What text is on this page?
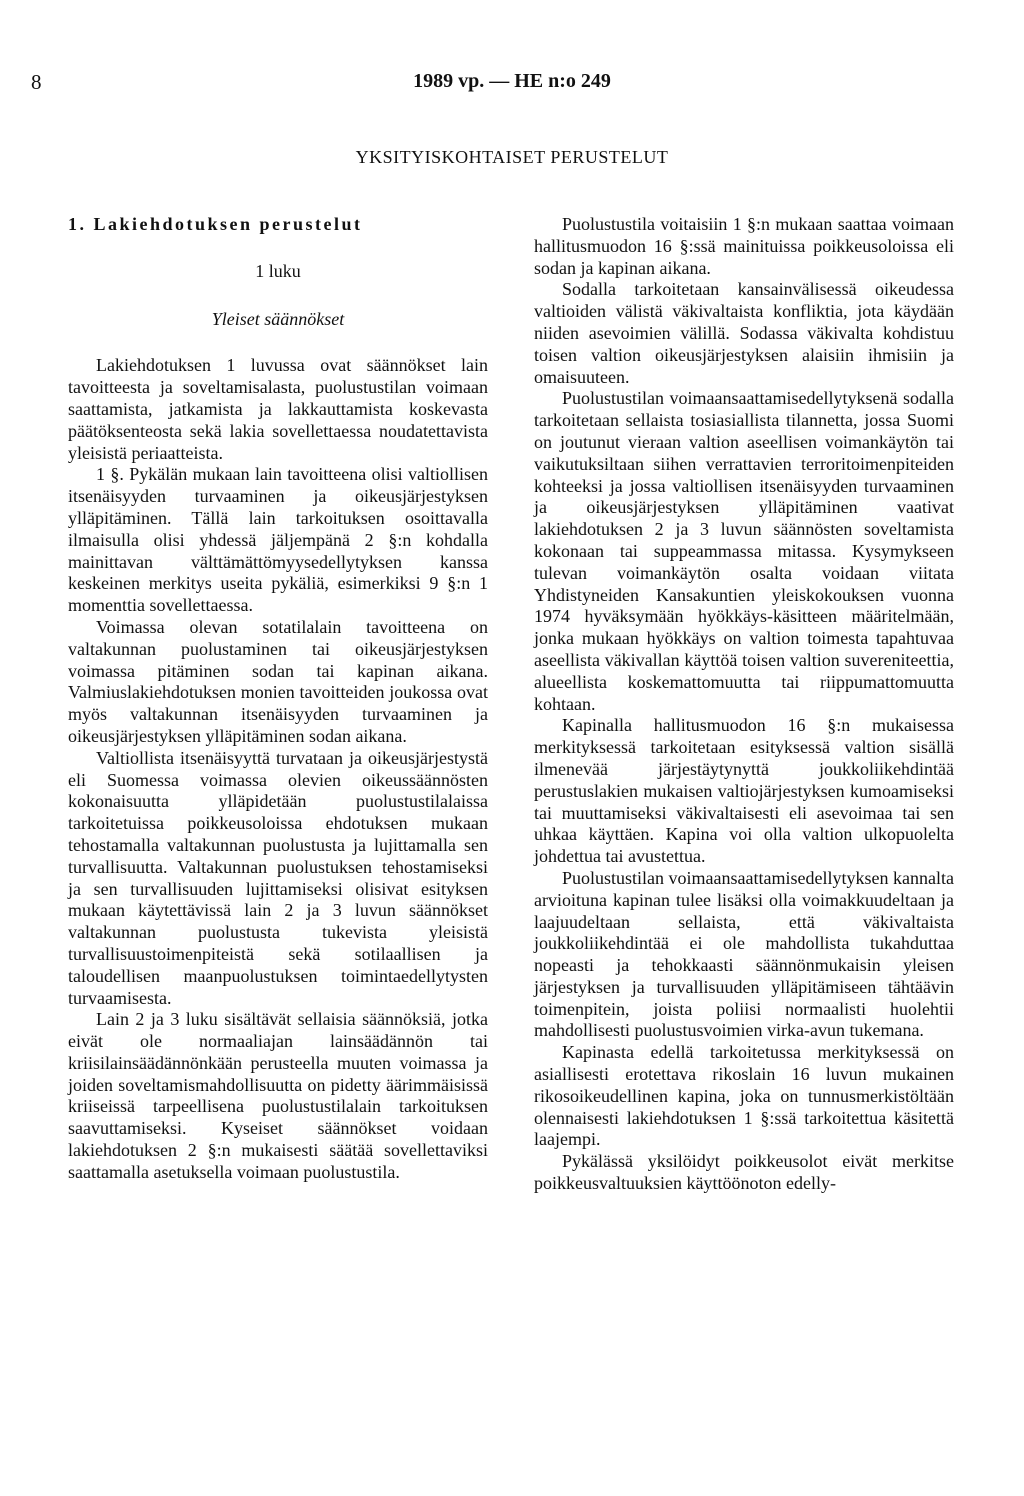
8	1989 vp. — HE n:o 249
YKSITYISKOHTAISET PERUSTELUT
1. Lakiehdotuksen perustelut
1 luku
Yleiset säännökset

Lakiehdotuksen 1 luvussa ovat säännökset lain tavoitteesta ja soveltamisalasta, puolustustilan voimaan saattamista, jatkamista ja lakkauttamista koskevasta päätöksenteosta sekä lakia sovellettaessa noudatettavista yleisistä periaatteista.

1 §. Pykälän mukaan lain tavoitteena olisi valtiollisen itsenäisyyden turvaaminen ja oikeusjärjestyksen ylläpitäminen. Tällä lain tarkoituksen osoittavalla ilmaisulla olisi yhdessä jäljempänä 2 §:n kohdalla mainittavan välttämättömyysedellytyksen kanssa keskeinen merkitys useita pykäliä, esimerkiksi 9 §:n 1 momenttia sovellettaessa.

Voimassa olevan sotatilalain tavoitteena on valtakunnan puolustaminen tai oikeusjärjestyksen voimassa pitäminen sodan tai kapinan aikana. Valmiuslakiehdotuksen monien tavoitteiden joukossa ovat myös valtakunnan itsenäisyyden turvaaminen ja oikeusjärjestyksen ylläpitäminen sodan aikana.

Valtiollista itsenäisyyttä turvataan ja oikeusjärjestystä eli Suomessa voimassa olevien oikeussäännösten kokonaisuutta ylläpidetään puolustustilalaissa tarkoitetuissa poikkeusoloissa ehdotuksen mukaan tehostamalla valtakunnan puolustusta ja lujittamalla sen turvallisuutta. Valtakunnan puolustuksen tehostamiseksi ja sen turvallisuuden lujittamiseksi olisivat esityksen mukaan käytettävissä lain 2 ja 3 luvun säännökset valtakunnan puolustusta tukevista yleisistä turvallisuustoimenpiteistä sekä sotilaallisen ja taloudellisen maanpuolustuksen toimintaedellytysten turvaamisesta.

Lain 2 ja 3 luku sisältävät sellaisia säännöksiä, jotka eivät ole normaaliajan lainsäädännön tai kriisilainsäädännönkään perusteella muuten voimassa ja joiden soveltamismahdollisuutta on pidetty äärimmäisissä kriiseissä tarpeellisena puolustustilalain tarkoituksen saavuttamiseksi. Kyseiset säännökset voidaan lakiehdotuksen 2 §:n mukaisesti säätää sovellettaviksi saattamalla asetuksella voimaan puolustustila.

Puolustustila voitaisiin 1 §:n mukaan saattaa voimaan hallitusmuodon 16 §:ssä mainituissa poikkeusoloissa eli sodan ja kapinan aikana.

Sodalla tarkoitetaan kansainvälisessä oikeudessa valtioiden välistä väkivaltaista konfliktia, jota käydään niiden asevoimien välillä. Sodassa väkivalta kohdistuu toisen valtion oikeusjärjestyksen alaisiin ihmisiin ja omaisuuteen.

Puolustustilan voimaansaattamisedellytyksenä sodalla tarkoitetaan sellaista tosiasiallista tilannetta, jossa Suomi on joutunut vieraan valtion aseellisen voimankäytön tai vaikutuksiltaan siihen verrattavien terroritoimenpiteiden kohteeksi ja jossa valtiollisen itsenäisyyden turvaaminen ja oikeusjärjestyksen ylläpitäminen vaativat lakiehdotuksen 2 ja 3 luvun säännösten soveltamista kokonaan tai suppeammassa mitassa. Kysymykseen tulevan voimankäytön osalta voidaan viitata Yhdistyneiden Kansakuntien yleiskokouksen vuonna 1974 hyväksymään hyökkäys-käsitteen määritelmään, jonka mukaan hyökkäys on valtion toimesta tapahtuvaa aseellista väkivallan käyttöä toisen valtion suvereniteettia, alueellista koskemattomuutta tai riippumattomuutta kohtaan.

Kapinalla hallitusmuodon 16 §:n mukaisessa merkityksessä tarkoitetaan esityksessä valtion sisällä ilmenevää järjestäytynyttä joukkoliikehdintää perustuslakien mukaisen valtiojärjestyksen kumoamiseksi tai muuttamiseksi väkivaltaisesti eli asevoimaa tai sen uhkaa käyttäen. Kapina voi olla valtion ulkopuolelta johdettua tai avustettua.

Puolustustilan voimaansaattamisedellytyksen kannalta arvioituna kapinan tulee lisäksi olla voimakkuudeltaan ja laajuudeltaan sellaista, että väkivaltaista joukkoliikehdintää ei ole mahdollista tukahduttaa nopeasti ja tehokkaasti säännönmukaisin yleisen järjestyksen ja turvallisuuden ylläpitämiseen tähtäävin toimenpitein, joista poliisi normaalisti huolehtii mahdollisesti puolustusvoimien virka-avun tukemana.

Kapinasta edellä tarkoitetussa merkityksessä on asiallisesti erotettava rikoslain 16 luvun mukainen rikosoikeudellinen kapina, joka on tunnusmerkistöltään olennaisesti lakiehdotuksen 1 §:ssä tarkoitettua käsitettä laajempi.

Pykälässä yksilöidyt poikkeusolot eivät merkitse poikkeusvaltuuksien käyttöönoton edelly-
